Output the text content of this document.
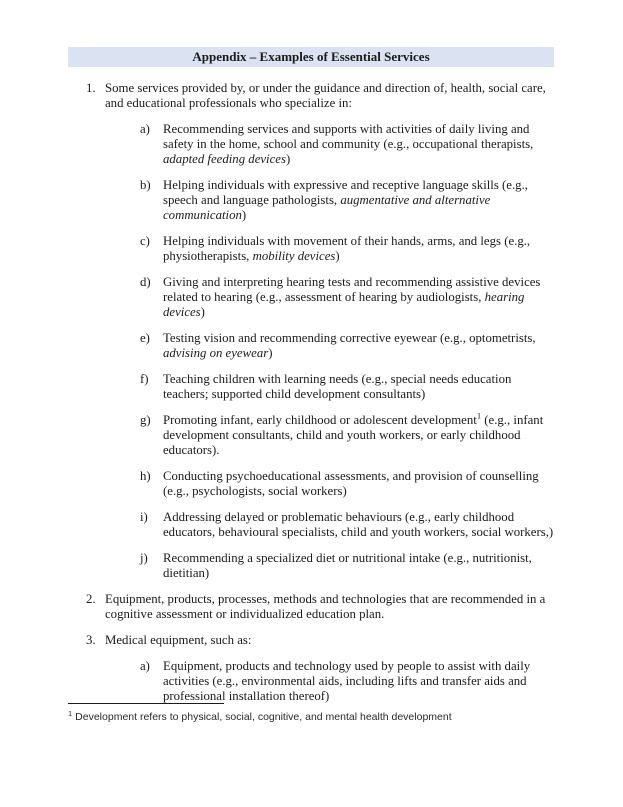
Appendix – Examples of Essential Services
1. Some services provided by, or under the guidance and direction of, health, social care, and educational professionals who specialize in:
a)	Recommending services and supports with activities of daily living and safety in the home, school and community (e.g., occupational therapists, adapted feeding devices)
b) Helping individuals with expressive and receptive language skills (e.g., speech and language pathologists, augmentative and alternative communication)
c)	Helping individuals with movement of their hands, arms, and legs (e.g., physiotherapists, mobility devices)
d) Giving and interpreting hearing tests and recommending assistive devices related to hearing (e.g., assessment of hearing by audiologists, hearing devices)
e)	Testing vision and recommending corrective eyewear (e.g., optometrists, advising on eyewear)
f)	Teaching children with learning needs (e.g., special needs education teachers; supported child development consultants)
g) Promoting infant, early childhood or adolescent development$^1$ (e.g., infant development consultants, child and youth workers, or early childhood educators).
h) Conducting psychoeducational assessments, and provision of counselling (e.g., psychologists, social workers)
i)	Addressing delayed or problematic behaviours (e.g., early childhood educators, behavioural specialists, child and youth workers, social workers,)
j)	Recommending a specialized diet or nutritional intake (e.g., nutritionist, dietitian)
2. Equipment, products, processes, methods and technologies that are recommended in a cognitive assessment or individualized education plan.
3. Medical equipment, such as:
a)	Equipment, products and technology used by people to assist with daily activities (e.g., environmental aids, including lifts and transfer aids and professional installation thereof)
$^1$ Development refers to physical, social, cognitive, and mental health development
